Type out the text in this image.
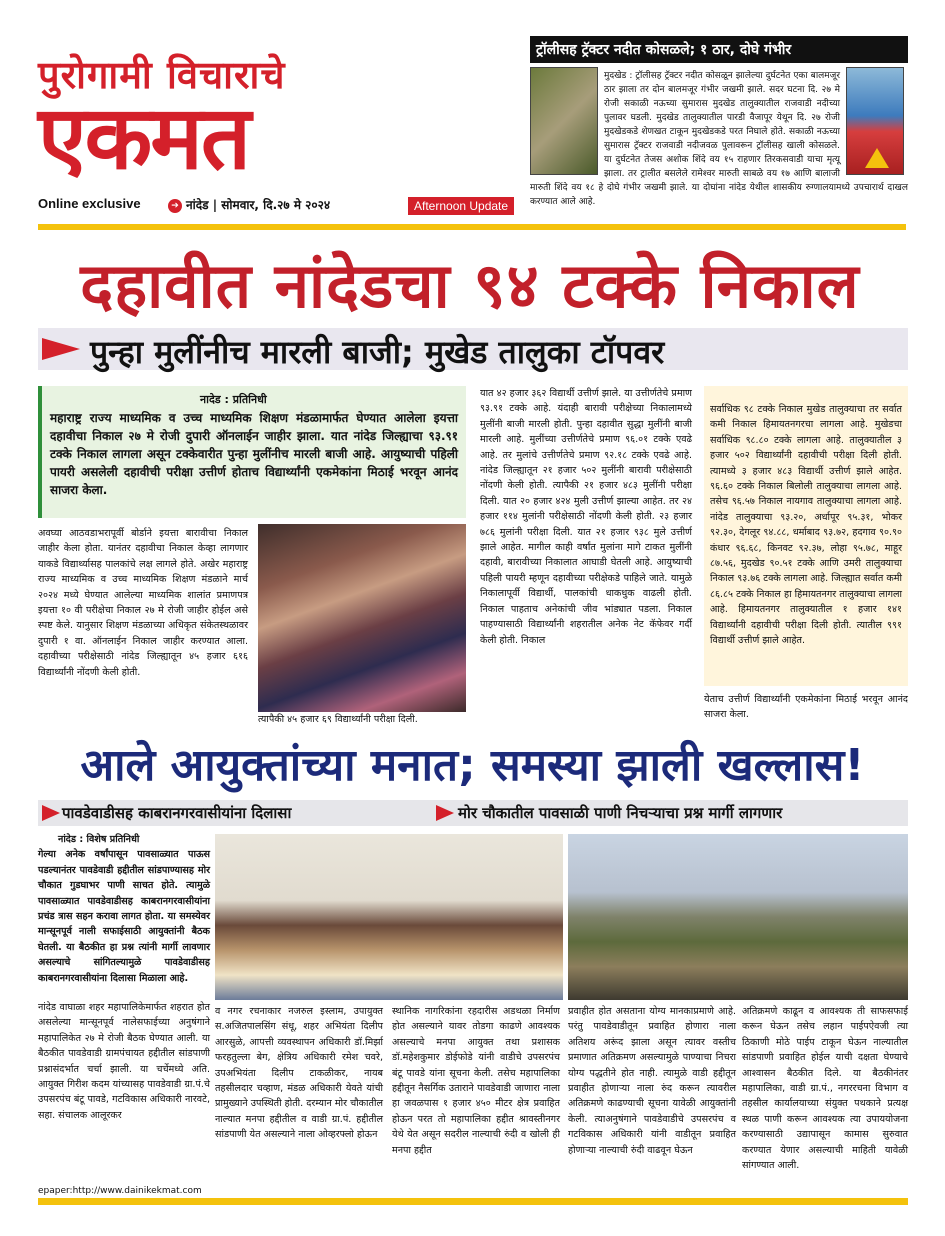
पुरोगामी विचाराचे
एकमत
Online exclusive	➔ नांदेड | सोमवार, दि.२७ मे २०२४	Afternoon Update
ट्रॉलीसह ट्रॅक्टर नदीत कोसळले; १ ठार, दोघे गंभीर
मुदखेड : ट्रॉलीसह ट्रॅक्टर नदीत कोसळून झालेल्या दुर्घटनेत एका बालमजूर ठार झाला तर दोन बालमजूर गंभीर जखमी झाले. सदर घटना दि. २७ मे रोजी सकाळी नऊच्या सुमारास मुदखेड तालुक्यातील राजवाडी नदीच्या पुलावर घडली. मुदखेड तालुक्यातील पारडी वैजापूर येथून दि. २७ रोजी मुदखेडकडे शेणखत टाकून मुदखेडकडे परत निघाले होते. सकाळी नऊच्या सुमारास ट्रॅक्टर राजवाडी नदीजवळ पुलावरून ट्रॉलीसह खाली कोसळले. या दुर्घटनेत तेजस अशोक शिंदे वय १५ राहणार तिरकसवाडी याचा मृत्यू झाला. तर ट्रालीत बसलेले रामेश्वर मारुती साबळे वय १७ आणि बालाजी मारुती शिंदे वय १८ हे दोघे गंभीर जखमी झाले. या दोघांना नांदेड येथील शासकीय रुग्णालयामध्ये उपचारार्थ दाखल करण्यात आले आहे.
दहावीत नांदेडचा ९४ टक्के निकाल
पुन्हा मुलींनीच मारली बाजी; मुखेड तालुका टॉपवर
नादेड : प्रतिनिधी
महाराष्ट्र राज्य माध्यमिक व उच्च माध्यमिक शिक्षण मंडळामार्फत घेण्यात आलेला इयत्ता दहावीचा निकाल २७ मे रोजी दुपारी ऑनलाईन जाहीर झाला. यात नांदेड जिल्ह्याचा ९३.९१ टक्के निकाल लागला असून टक्केवारीत पुन्हा मुलींनीच मारली बाजी आहे. आयुष्याची पहिली पायरी असलेली दहावीची परीक्षा उत्तीर्ण होताच विद्यार्थ्यांनी एकमेकांना मिठाई भरवून आनंद साजरा केला.
अवघ्या आठवडाभरापूर्वी बोर्डाने इयत्ता बारावीचा निकाल जाहीर केला होता. यानंतर दहावीचा निकाल केव्हा लागणार याकडे विद्यार्थ्यासह पालकांचे लक्ष लागले होते. अखेर महाराष्ट्र राज्य माध्यमिक व उच्च माध्यमिक शिक्षण मंडळाने मार्च २०२४ मध्ये घेण्यात आलेल्या माध्यमिक शालांत प्रमाणपत्र इयत्ता १० वी परीक्षेचा निकाल २७ मे रोजी जाहीर होईल असे स्पष्ट केले. यानुसार शिक्षण मंडळाच्या अधिकृत संकेतस्थळावर दुपारी १ वा. ऑनलाईन निकाल जाहीर करण्यात आला. दहावीच्या परीक्षेसाठी नांदेड जिल्ह्यातून ४५ हजार ६१६ विद्यार्थ्यांनी नोंदणी केली होती.
त्यापैकी ४५ हजार ६९ विद्यार्थ्यांनी परीक्षा दिली.
यात ४२ हजार ३६२ विद्यार्थी उत्तीर्ण झाले. या उत्तीर्णतेचे प्रमाण ९३.९१ टक्के आहे. यंदाही बारावी परीक्षेच्या निकालामध्ये मुलींनी बाजी मारली होती. पुन्हा दहावीत सुद्धा मुलींनी बाजी मारली आहे. मुलींच्या उत्तीर्णतेचे प्रमाण ९६.०१ टक्के एवढे आहे. तर मुलांचे उत्तीर्णतेचे प्रमाण ९२.१८ टक्के एवढे आहे. नांदेड जिल्ह्यातून २१ हजार ५०२ मुलींनी बारावी परीक्षेसाठी नोंदणी केली होती. त्यापैकी २१ हजार ४८३ मुलींनी परीक्षा दिली. यात २० हजार ४२४ मुली उत्तीर्ण झाल्या आहेत. तर २४ हजार ११४ मुलांनी परीक्षेसाठी नोंदणी केली होती. २३ हजार ७८६ मुलांनी परीक्षा दिली. यात २१ हजार ९३८ मुले उत्तीर्ण झाले आहेत. मागील काही वर्षांत मुलांना मागे टाकत मुलींनी दहावी, बारावीच्या निकालात आघाडी घेतली आहे. आयुष्याची पहिली पायरी म्हणून दहावीच्या परीक्षेकडे पाहिले जाते. यामुळे निकालापूर्वी विद्यार्थी, पालकांची धाकधुक वाढली होती. निकाल पाहताच अनेकांची जीव भांड्यात पडला. निकाल पाहण्यासाठी विद्यार्थ्यांनी शहरातील अनेक नेट कॅफेवर गर्दी केली होती. निकाल
सर्वाधिक ९८ टक्के निकाल मुखेड तालुक्याचा तर सर्वात कमी निकाल हिमायतनगरचा लागला आहे. मुखेडचा सर्वाधिक ९८.८० टक्के लागला आहे. तालुक्यातील ३ हजार ५०२ विद्यार्थ्यांनी दहावीची परीक्षा दिली होती. त्यामध्ये ३ हजार ४८३ विद्यार्थी उत्तीर्ण झाले आहेत. ९६.६० टक्के निकाल बिलोली तालुक्याचा लागला आहे. तसेच ९६.५७ निकाल नायगाव तालुक्याचा लागला आहे. नांदेड तालुक्याचा ९३.२०, अर्धापूर ९५.३१, भोकर ९२.३०, देगलूर ९४.८८, धर्माबाद ९३.७२, हदगाव ९०.९० कंधार ९६.६८, किनवट ९२.३७, लोहा ९५.७८, माहूर ८७.५६, मुदखेड ९०.५१ टक्के आणि उमरी तालुक्याचा निकाल ९३.७६ टक्के लागला आहे. जिल्ह्यात सर्वात कमी ८६.८५ टक्के निकाल हा हिमायतनगर तालुक्याचा लागला आहे. हिमायतनगर तालुक्यातील १ हजार १४१ विद्यार्थ्यांनी दहावीची परीक्षा दिली होती. त्यातील ९९१ विद्यार्थी उत्तीर्ण झाले आहेत.
येताच उत्तीर्ण विद्यार्थ्यांनी एकमेकांना मिठाई भरवून आनंद साजरा केला.
आले आयुक्तांच्या मनात; समस्या झाली खल्लास!
पावडेवाडीसह काबरानगरवासीयांना दिलासा	मोर चौकातील पावसाळी पाणी निचऱ्याचा प्रश्न मार्गी लागणार
नांदेड : विशेष प्रतिनिधी
गेल्या अनेक वर्षांपासून पावसाळ्यात पाऊस पडल्यानंतर पावडेवाडी हद्दीतील सांडपाण्यासह मोर चौकात गुडघाभर पाणी साचत होते. त्यामुळे पावसाळ्यात पावडेवाडीसह काबरानगरवासीयांना प्रचंड त्रास सहन करावा लागत होता. या समस्येवर मान्सूनपूर्व नाली सफाईसाठी आयुक्तांनी बैठक घेतली. या बैठकीत हा प्रश्न त्यांनी मार्गी लावणार असल्याचे सांगितल्यामुळे पावडेवाडीसह काबरानगरवासीयांना दिलासा मिळाला आहे.
नांदेड वाघाळा शहर महापालिकेमार्फत शहरात होत असलेल्या मान्सूनपूर्व नालेसफाईच्या अनुषंगाने महापालिकेत २७ मे रोजी बैठक घेण्यात आली. या बैठकीत पावडेवाडी ग्रामपंचायत हद्दीतील सांडपाणी प्रश्नासंदर्भात चर्चा झाली. या चर्चेमध्ये अति. आयुक्त गिरीश कदम यांच्यासह पावडेवाडी ग्रा.पं.चे उपसरपंच बंटू पावडे, गटविकास अधिकारी नारवटे, सहा. संचालक आलूरकर
व नगर रचनाकार नजरुल इस्लाम, उपायुक्त स.अजितपालसिंग संधू, शहर अभियंता दिलीप आरसुळे, आपत्ती व्यवस्थापन अधिकारी डॉ.मिर्झा फरहतुल्ला बेग, क्षेत्रिय अधिकारी रमेश चवरे, उपअभियंता दिलीप टाकळीकर, नायब तहसीलदार चव्हाण, मंडळ अधिकारी येवते यांची प्रामुख्याने उपस्थिती होती. दरम्यान मोर चौकातील नाल्यात मनपा हद्दीतील व वाडी ग्रा.पं. हद्दीतील सांडपाणी येत असल्याने नाला ओव्हरफ्लो होऊन
स्थानिक नागरिकांना रहदारीस अडथळा निर्माण होत असल्याने यावर तोडगा काढणे आवश्यक असल्याचे मनपा आयुक्त तथा प्रशासक डॉ.महेशकुमार डोईफोडे यांनी वाडीचे उपसरपंच बंटू पावडे यांना सूचना केली. तसेच महापालिका हद्दीतून नैसर्गिक उताराने पावडेवाडी जाणारा नाला हा जवळपास १ हजार ४५० मीटर क्षेत्र प्रवाहित होऊन परत तो महापालिका हद्दीत श्रावस्तीनगर येथे येत असून सदरील नाल्याची रुंदी व खोली ही मनपा हद्दीत
प्रवाहीत होत असताना योग्य मानकाप्रमाणे आहे. परंतु पावडेवाडीतून प्रवाहित होणारा नाला अतिशय अरूंद झाला असून त्यावर वस्तीच प्रमाणात अतिक्रमण असल्यामुळे पाण्याचा निचरा योग्य पद्धतीने होत नाही. त्यामुळे वाडी हद्दीतून प्रवाहीत होणाऱ्या नाला रुंद करून त्यावरील अतिक्रमणे काढण्याची सूचना यावेळी आयुक्तांनी केली. त्याअनुषंगाने पावडेवाडीचे उपसरपंच व गटविकास अधिकारी यांनी वाडीतून प्रवाहित होणाऱ्या नाल्याची रुंदी वाढवून घेऊन
अतिक्रमणे काढून व आवश्यक ती साफसफाई करून घेऊन तसेच लहान पाईपऐवजी त्या ठिकाणी मोठे पाईप टाकून घेऊन नाल्यातील सांडपाणी प्रवाहित होईल याची दक्षता घेण्याचे आश्वासन बैठकीत दिले. या बैठकीनंतर महापालिका, वाडी ग्रा.पं., नगररचना विभाग व तहसील कार्यालयाच्या संयुक्त पथकाने प्रत्यक्ष स्थळ पाणी करून आवश्यक त्या उपाययोजना करण्यासाठी उद्यापासून कामास सुरुवात करण्यात येणार असल्याची माहिती यावेळी सांगण्यात आली.
epaper:http://www.dainikekmat.com
